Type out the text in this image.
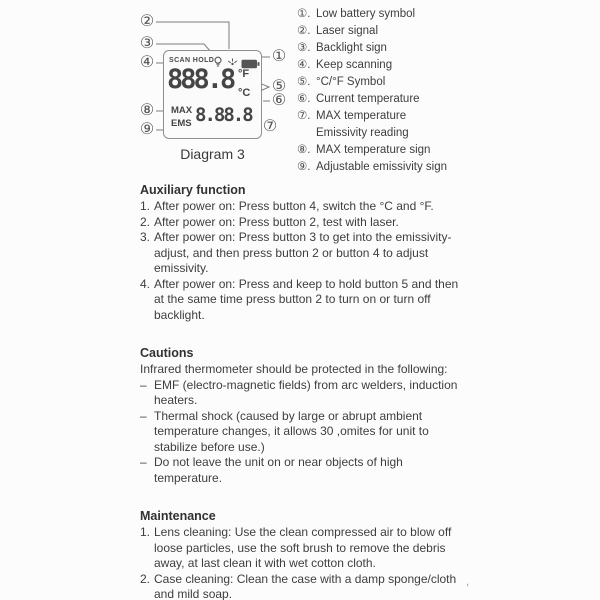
SCAN HOLD
888.8 °F
°C
MAX
EMS 8.88.8
②
③
④
⑧
⑨
①
⑤
⑥
⑦
Diagram 3
①. Low battery symbol
②. Laser signal
③. Backlight sign
④. Keep scanning
⑤. °C/°F Symbol
⑥. Current temperature
⑦. MAX temperature
Emissivity reading
⑧. MAX temperature sign
⑨. Adjustable emissivity sign
Auxiliary function
1. After power on: Press button 4, switch the °C and °F.
2. After power on: Press button 2, test with laser.
3. After power on: Press button 3 to get into the emissivity-adjust, and then press button 2 or button 4 to adjust emissivity.
4. After power on: Press and keep to hold button 5 and then at the same time press button 2 to turn on or turn off backlight.
Cautions
Infrared thermometer should be protected in the following:
– EMF (electro-magnetic fields) from arc welders, induction heaters.
– Thermal shock (caused by large or abrupt ambient temperature changes, it allows 30 ,omites for unit to stabilize before use.)
– Do not leave the unit on or near objects of high temperature.
Maintenance
1. Lens cleaning: Use the clean compressed air to blow off loose particles, use the soft brush to remove the debris away, at last clean it with wet cotton cloth.
2. Case cleaning: Clean the case with a damp sponge/cloth and mild soap.
,
